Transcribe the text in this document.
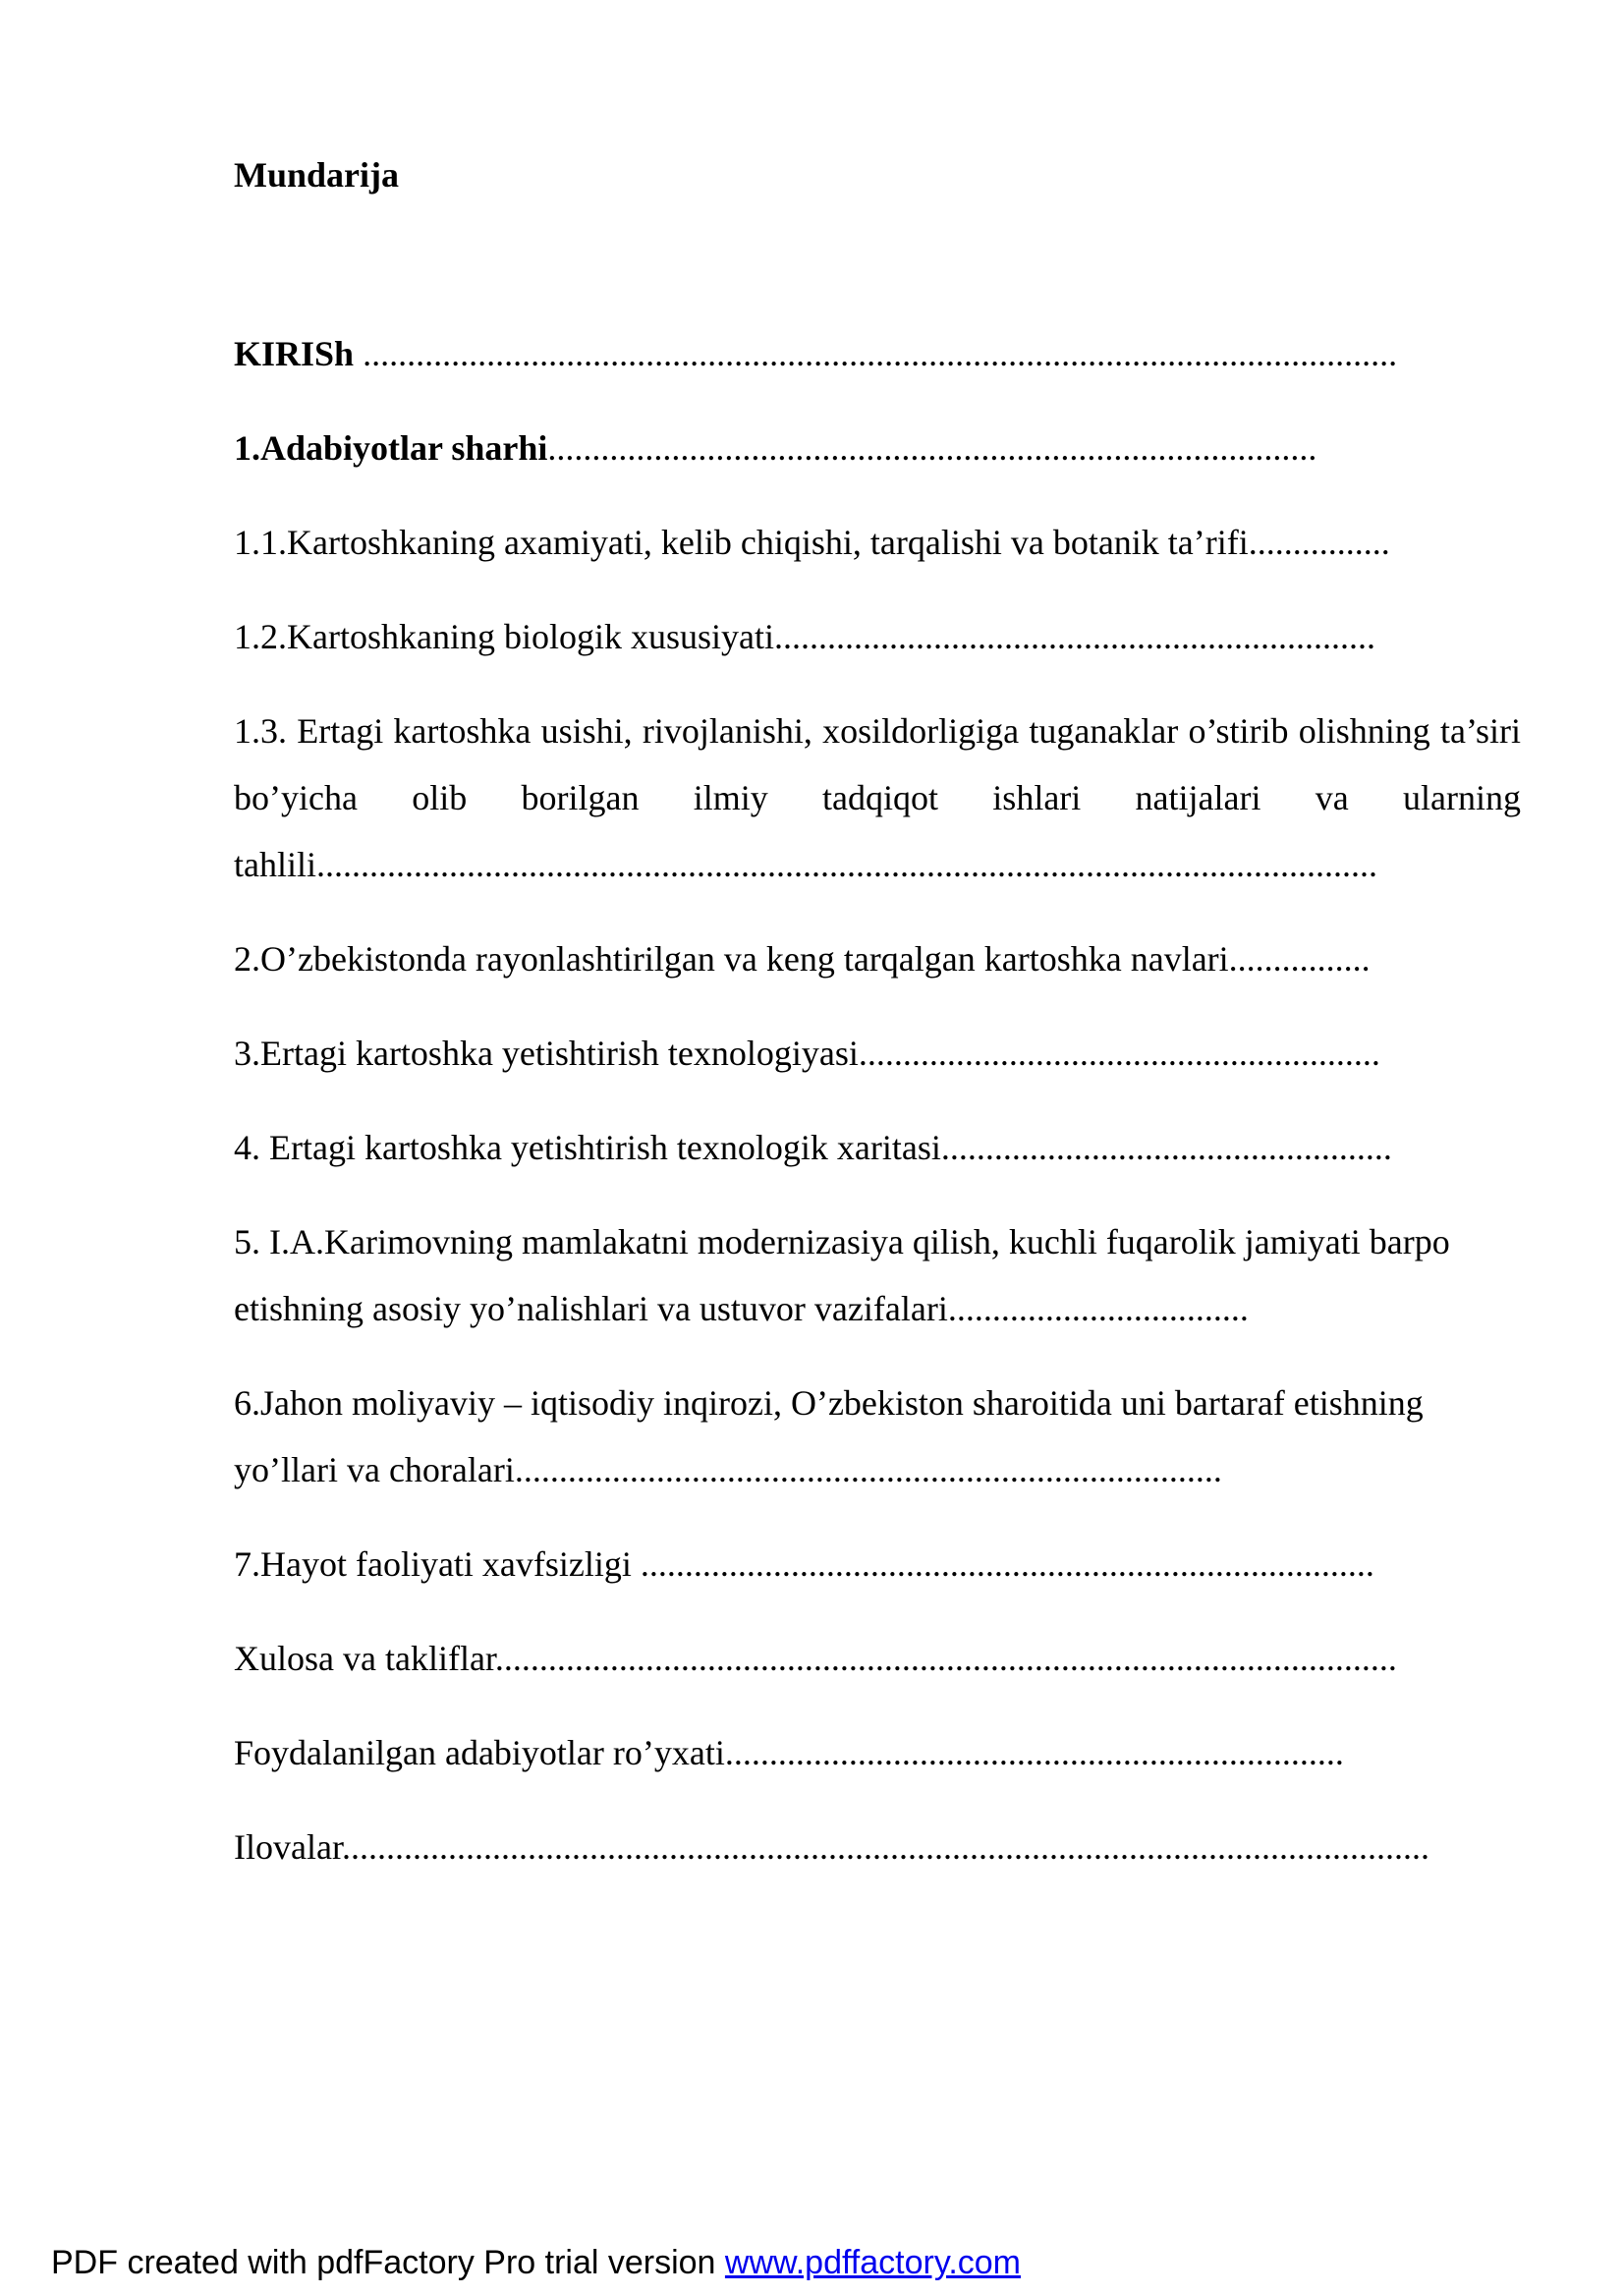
Mundarija
KIRISh .....................................................................................................................
1.Adabiyotlar sharhi.......................................................................................
1.1.Kartoshkaning axamiyati, kelib chiqishi, tarqalishi va botanik ta’rifi................
1.2.Kartoshkaning biologik xususiyati....................................................................
1.3. Ertagi kartoshka usishi, rivojlanishi, xosildorligiga tuganaklar o’stirib olishning ta’siri bo’yicha olib borilgan ilmiy tadqiqot ishlari natijalari va ularning tahlili........................................................................................................................
2.O’zbekistonda rayonlashtirilgan va keng tarqalgan kartoshka navlari................
3.Ertagi kartoshka yetishtirish texnologiyasi...........................................................
4. Ertagi kartoshka yetishtirish texnologik xaritasi...................................................
5. I.A.Karimovning mamlakatni modernizasiya qilish, kuchli fuqarolik jamiyati barpo etishning asosiy yo’nalishlari va ustuvor vazifalari..................................
6.Jahon moliyaviy – iqtisodiy inqirozi, O’zbekiston sharoitida uni bartaraf etishning yo’llari va choralari................................................................................
7.Hayot faoliyati xavfsizligi ...................................................................................
Xulosa va takliflar......................................................................................................
Foydalanilgan adabiyotlar ro’yxati......................................................................
Ilovalar...........................................................................................................................
PDF created with pdfFactory Pro trial version www.pdffactory.com
